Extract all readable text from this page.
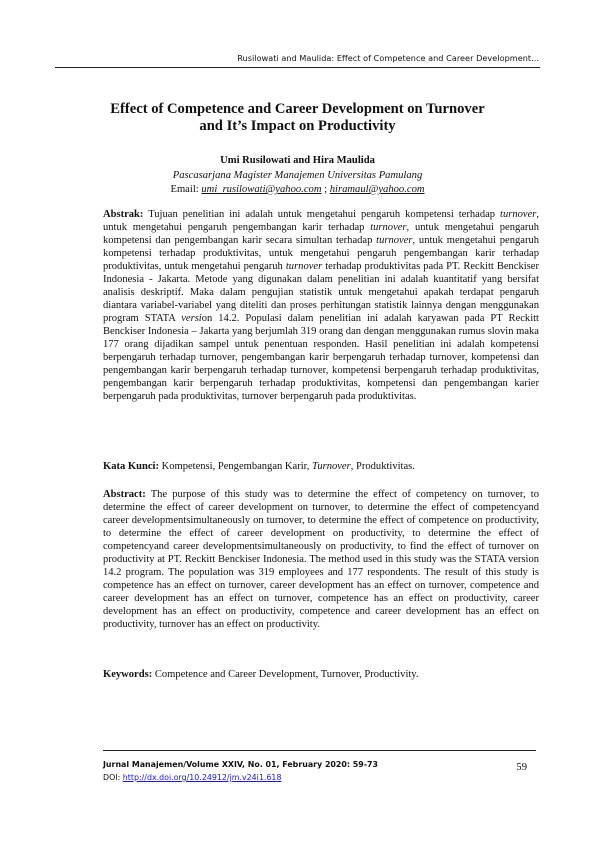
Rusilowati and Maulida: Effect of Competence and Career Development...
Effect of Competence and Career Development on Turnover
and It’s Impact on Productivity
Umi Rusilowati and Hira Maulida
Pascasarjana Magister Manajemen Universitas Pamulang
Email: umi_rusilowati@yahoo.com ; hiramaul@yahoo.com
Abstrak: Tujuan penelitian ini adalah untuk mengetahui pengaruh kompetensi terhadap turnover, untuk mengetahui pengaruh pengembangan karir terhadap turnover, untuk mengetahui pengaruh kompetensi dan pengembangan karir secara simultan terhadap turnover, untuk mengetahui pengaruh kompetensi terhadap produktivitas, untuk mengetahui pengaruh pengembangan karir terhadap produktivitas, untuk mengetahui pengaruh turnover terhadap produktivitas pada PT. Reckitt Benckiser Indonesia - Jakarta. Metode yang digunakan dalam penelitian ini adalah kuantitatif yang bersifat analisis deskriptif. Maka dalam pengujian statistik untuk mengetahui apakah terdapat pengaruh diantara variabel-variabel yang diteliti dan proses perhitungan statistik lainnya dengan menggunakan program STATA version 14.2. Populasi dalam penelitian ini adalah karyawan pada PT Reckitt Benckiser Indonesia – Jakarta yang berjumlah 319 orang dan dengan menggunakan rumus slovin maka 177 orang dijadikan sampel untuk penentuan responden. Hasil penelitian ini adalah kompetensi berpengaruh terhadap turnover, pengembangan karir berpengaruh terhadap turnover, kompetensi dan pengembangan karir berpengaruh terhadap turnover, kompetensi berpengaruh terhadap produktivitas, pengembangan karir berpengaruh terhadap produktivitas, kompetensi dan pengembangan karier berpengaruh pada produktivitas, turnover berpengaruh pada produktivitas.
Kata Kunci: Kompetensi, Pengembangan Karir, Turnover, Produktivitas.
Abstract: The purpose of this study was to determine the effect of competency on turnover, to determine the effect of career development on turnover, to determine the effect of competencyand career developmentsimultaneously on turnover, to determine the effect of competence on productivity, to determine the effect of career development on productivity, to determine the effect of competencyand career developmentsimultaneously on productivity, to find the effect of turnover on productivity at PT. Reckitt Benckiser Indonesia. The method used in this study was the STATA version 14.2 program. The population was 319 employees and 177 respondents. The result of this study is competence has an effect on turnover, career development has an effect on turnover, competence and career development has an effect on turnover, competence has an effect on productivity, career development has an effect on productivity, competence and career development has an effect on productivity, turnover has an effect on productivity.
Keywords: Competence and Career Development, Turnover, Productivity.
Jurnal Manajemen/Volume XXIV, No. 01, February 2020: 59-73
DOI: http://dx.doi.org/10.24912/jm.v24i1.618
59
